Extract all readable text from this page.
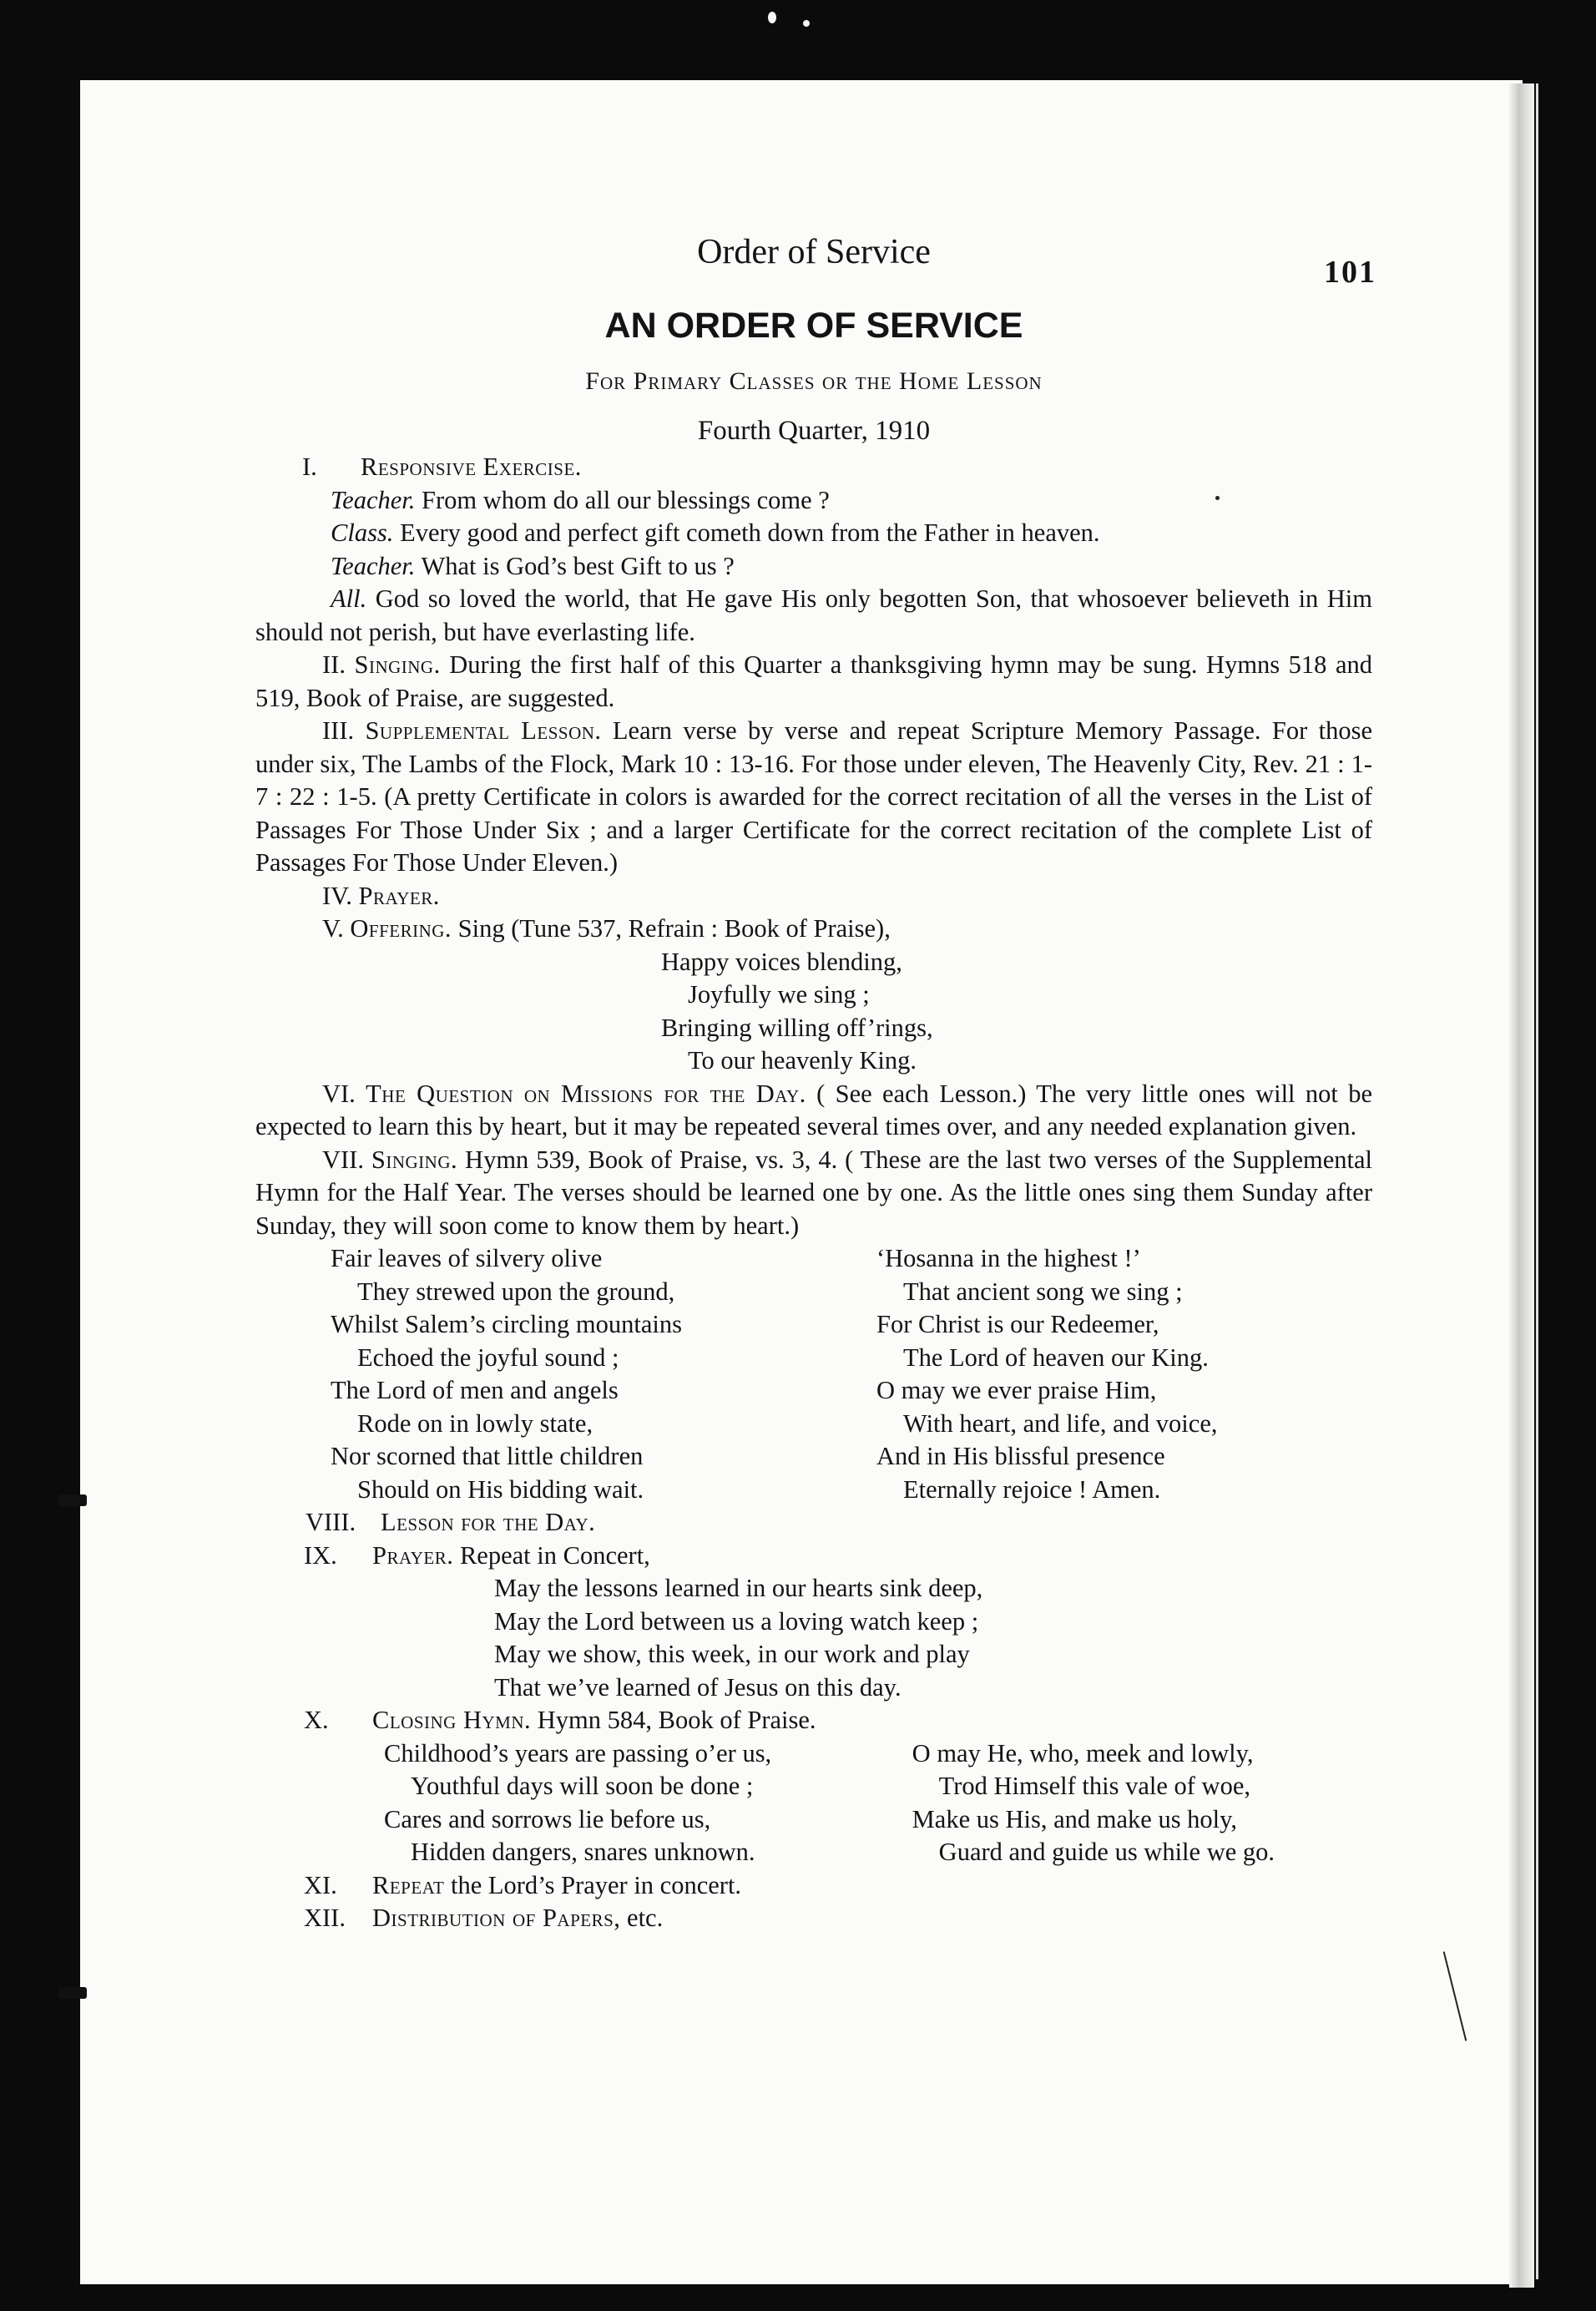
Order of Service
101
AN ORDER OF SERVICE
For Primary Classes or the Home Lesson
Fourth Quarter, 1910

I. Responsive Exercise.

Teacher. From whom do all our blessings come ?

Class. Every good and perfect gift cometh down from the Father in heaven.

Teacher. What is God’s best Gift to us ?

All. God so loved the world, that He gave His only begotten Son, that whosoever believeth in Him should not perish, but have everlasting life.

II. Singing. During the first half of this Quarter a thanksgiving hymn may be sung. Hymns 518 and 519, Book of Praise, are suggested.

III. Supplemental Lesson. Learn verse by verse and repeat Scripture Memory Passage. For those under six, The Lambs of the Flock, Mark 10 : 13-16. For those under eleven, The Heavenly City, Rev. 21 : 1-7 : 22 : 1-5. (A pretty Certificate in colors is awarded for the correct recitation of all the verses in the List of Passages For Those Under Six ; and a larger Certificate for the correct recitation of the complete List of Passages For Those Under Eleven.)

IV. Prayer.

V. Offering. Sing (Tune 537, Refrain : Book of Praise),

Happy voices blending,
Joyfully we sing ;
Bringing willing off’rings,
To our heavenly King.

VI. The Question on Missions for the Day. ( See each Lesson.) The very little ones will not be expected to learn this by heart, but it may be repeated several times over, and any needed explanation given.

VII. Singing. Hymn 539, Book of Praise, vs. 3, 4. ( These are the last two verses of the Supplemental Hymn for the Half Year. The verses should be learned one by one. As the little ones sing them Sunday after Sunday, they will soon come to know them by heart.)

Fair leaves of silvery olive
They strewed upon the ground,
Whilst Salem’s circling mountains
Echoed the joyful sound ;
The Lord of men and angels
Rode on in lowly state,
Nor scorned that little children
Should on His bidding wait.
‘Hosanna in the highest !’
That ancient song we sing ;
For Christ is our Redeemer,
The Lord of heaven our King.
O may we ever praise Him,
With heart, and life, and voice,
And in His blissful presence
Eternally rejoice ! Amen.

VIII. Lesson for the Day.

IX. Prayer. Repeat in Concert,

May the lessons learned in our hearts sink deep,
May the Lord between us a loving watch keep ;
May we show, this week, in our work and play
That we’ve learned of Jesus on this day.

X. Closing Hymn. Hymn 584, Book of Praise.

Childhood’s years are passing o’er us,
Youthful days will soon be done ;
Cares and sorrows lie before us,
Hidden dangers, snares unknown.
O may He, who, meek and lowly,
Trod Himself this vale of woe,
Make us His, and make us holy,
Guard and guide us while we go.

XI. Repeat the Lord’s Prayer in concert.

XII. Distribution of Papers, etc.
